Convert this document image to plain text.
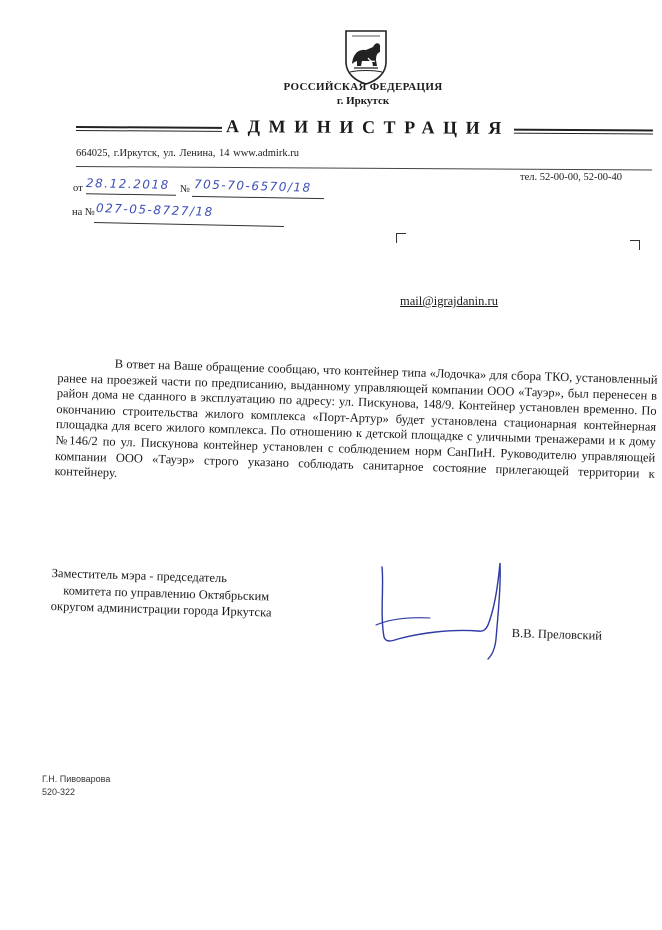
РОССИЙСКАЯ ФЕДЕРАЦИЯ
г. Иркутск
АДМИНИСТРАЦИЯ
664025, г.Иркутск, ул. Ленина, 14 www.admirk.ru
тел. 52-00-00, 52-00-40
от 28.12.2018 № 705-70-6570/18
на № 027-05-8727/18
mail@igrajdanin.ru

В ответ на Ваше обращение сообщаю, что контейнер типа «Лодочка» для сбора ТКО, установленный ранее на проезжей части по предписанию, выданному управляющей компании ООО «Тауэр», был перенесен в район дома не сданного в эксплуатацию по адресу: ул. Пискунова, 148/9. Контейнер установлен временно. По окончанию строительства жилого комплекса «Порт-Артур» будет установлена стационарная контейнерная площадка для всего жилого комплекса. По отношению к детской площадке с уличными тренажерами и к дому №146/2 по ул. Пискунова контейнер установлен с соблюдением норм СанПиН. Руководителю управляющей компании ООО «Тауэр» строго указано соблюдать санитарное состояние прилегающей территории к контейнеру.

Заместитель мэра - председатель
комитета по управлению Октябрьским
округом администрации города Иркутска
В.В. Преловский
Г.Н. Пивоварова
520-322
